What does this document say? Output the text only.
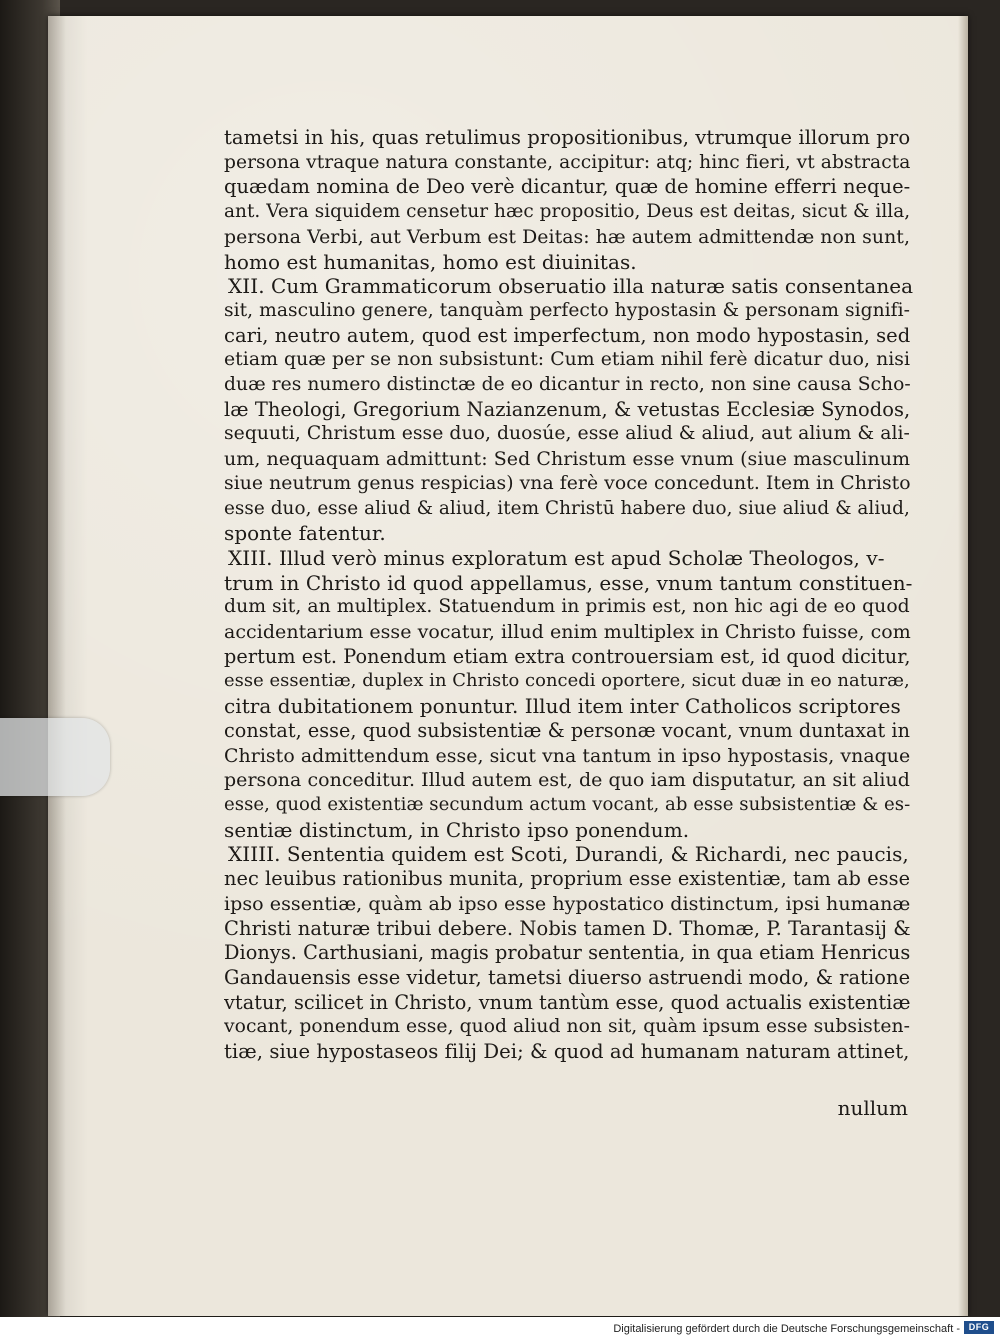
tametsi in his, quas retulimus propositionibus, vtrumque illorum pro
persona vtraque natura constante, accipitur: atq; hinc fieri, vt abstracta
quædam nomina de Deo verè dicantur, quæ de homine efferri neque-
ant. Vera siquidem censetur hæc propositio, Deus est deitas, sicut & illa,
persona Verbi, aut Verbum est Deitas: hæ autem admittendæ non sunt,
homo est humanitas, homo est diuinitas.
XII. Cum Grammaticorum obseruatio illa naturæ satis consentanea
sit, masculino genere, tanquàm perfecto hypostasin & personam signifi-
cari, neutro autem, quod est imperfectum, non modo hypostasin, sed
etiam quæ per se non subsistunt: Cum etiam nihil ferè dicatur duo, nisi
duæ res numero distinctæ de eo dicantur in recto, non sine causa Scho-
læ Theologi, Gregorium Nazianzenum, & vetustas Ecclesiæ Synodos,
sequuti, Christum esse duo, duosúe, esse aliud & aliud, aut alium & ali-
um, nequaquam admittunt: Sed Christum esse vnum (siue masculinum
siue neutrum genus respicias) vna ferè voce concedunt. Item in Christo
esse duo, esse aliud & aliud, item Christū habere duo, siue aliud & aliud,
sponte fatentur.
XIII. Illud verò minus exploratum est apud Scholæ Theologos, v-
trum in Christo id quod appellamus, esse, vnum tantum constituen-
dum sit, an multiplex. Statuendum in primis est, non hic agi de eo quod
accidentarium esse vocatur, illud enim multiplex in Christo fuisse, com
pertum est. Ponendum etiam extra controuersiam est, id quod dicitur,
esse essentiæ, duplex in Christo concedi oportere, sicut duæ in eo naturæ,
citra dubitationem ponuntur. Illud item inter Catholicos scriptores
constat, esse, quod subsistentiæ & personæ vocant, vnum duntaxat in
Christo admittendum esse, sicut vna tantum in ipso hypostasis, vnaque
persona conceditur. Illud autem est, de quo iam disputatur, an sit aliud
esse, quod existentiæ secundum actum vocant, ab esse subsistentiæ & es-
sentiæ distinctum, in Christo ipso ponendum.
XIIII. Sententia quidem est Scoti, Durandi, & Richardi, nec paucis,
nec leuibus rationibus munita, proprium esse existentiæ, tam ab esse
ipso essentiæ, quàm ab ipso esse hypostatico distinctum, ipsi humanæ
Christi naturæ tribui debere. Nobis tamen D. Thomæ, P. Tarantasij &
Dionys. Carthusiani, magis probatur sententia, in qua etiam Henricus
Gandauensis esse videtur, tametsi diuerso astruendi modo, & ratione
vtatur, scilicet in Christo, vnum tantùm esse, quod actualis existentiæ
vocant, ponendum esse, quod aliud non sit, quàm ipsum esse subsisten-
tiæ, siue hypostaseos filij Dei; & quod ad humanam naturam attinet,
nullum
Digitalisierung gefördert durch die Deutsche Forschungsgemeinschaft - DFG
